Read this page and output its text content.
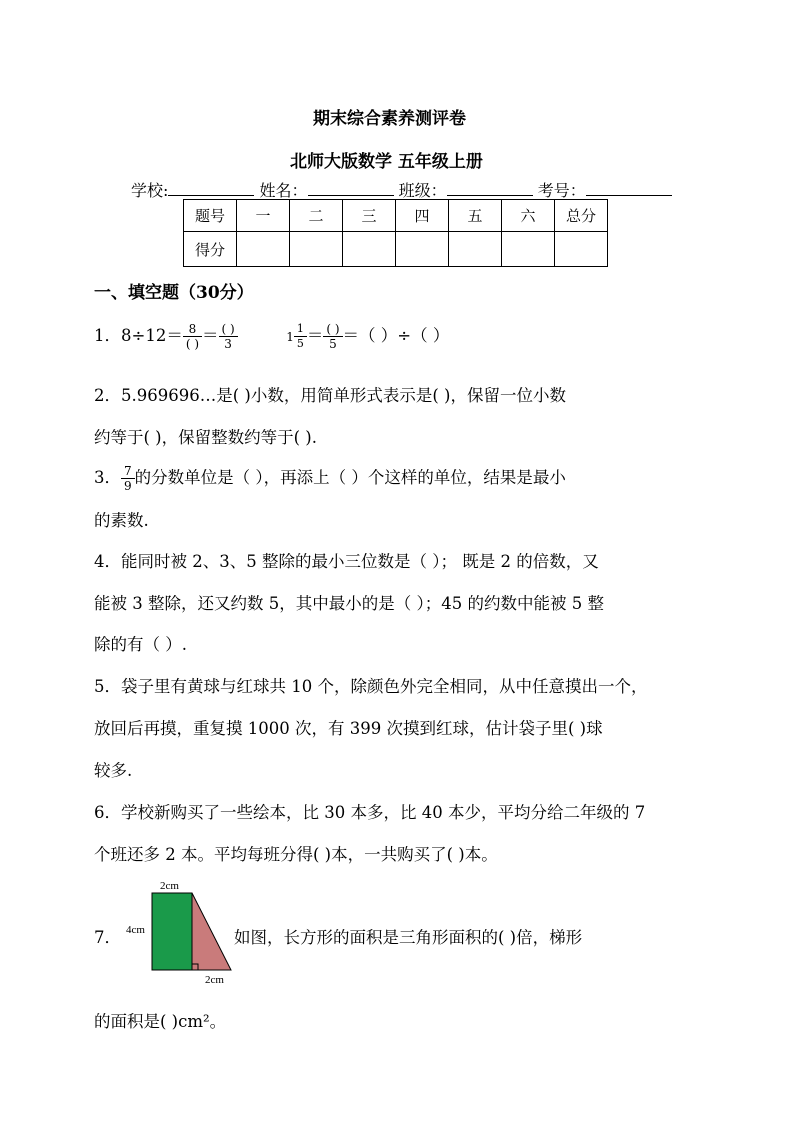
期末综合素养测评卷
北师大版数学 五年级上册
学校:	姓名：	班级：	考号：
题号	一	二	三	四	五	六	总分
得分							
一、填空题（30分）
1．$8\div 12= \frac{8}{( )} = \frac{( )}{3}$	$1 \frac{1}{5} = \frac{( )}{5}$ ＝（ ）÷（ ）
2．5.969696…是( )小数，用简单形式表示是( )，保留一位小数
约等于( )，保留整数约等于( ).
3． $\frac{7}{9}$ 的分数单位是（ ），再添上（ ）个这样的单位，结果是最小
的素数.
4．能同时被 2、3、5 整除的最小三位数是（ ）； 既是 2 的倍数，又
能被 3 整除，还又约数 5，其中最小的是（ ）；45 的约数中能被 5 整
除的有（ ）.
5．袋子里有黄球与红球共 10 个，除颜色外完全相同，从中任意摸出一个，
放回后再摸，重复摸 1000 次，有 399 次摸到红球，估计袋子里( )球
较多.
6．学校新购买了一些绘本，比 30 本多，比 40 本少，平均分给二年级的 7
个班还多 2 本。平均每班分得( )本，一共购买了( )本。
7．
2cm
4cm
2cm
如图，长方形的面积是三角形面积的( )倍，梯形
的面积是( )cm²。
